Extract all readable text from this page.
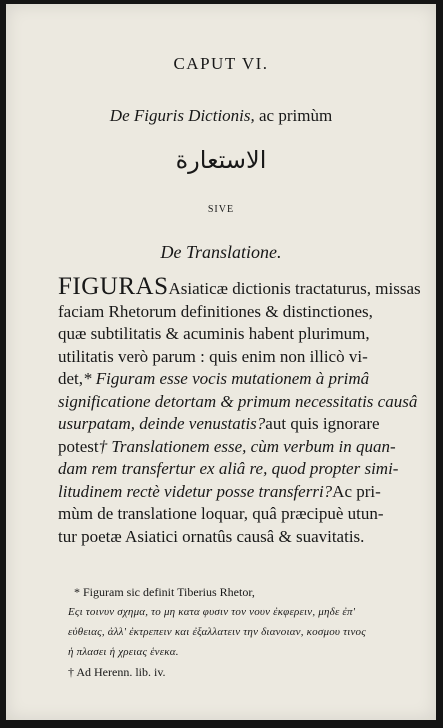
CAPUT VI.
De Figuris Dictionis, ac primùm
الاستعارة
SIVE
De Translatione.
FIGURASAsiaticæ dictionis tractaturus, missas
faciam Rhetorum definitiones & distinctiones,
quæ subtilitatis & acuminis habent plurimum,
utilitatis verò parum : quis enim non illicò vi-
det,* Figuram esse vocis mutationem à primâ
significatione detortam & primum necessitatis causâ
usurpatam, deinde venustatis?aut quis ignorare
potest† Translationem esse, cùm verbum in quan-
dam rem transfertur ex aliâ re, quod propter simi-
litudinem rectè videtur posse transferri?Ac pri-
mùm de translatione loquar, quâ præcipuè utun-
tur poetæ Asiatici ornatûs causâ & suavitatis.
* Figuram sic definit Tiberius Rhetor,
Eςι τοινυν σχημα, το μη κατα φυσιν τον νουν ἐκφερειν, μηδε ἐπ'
εὐθειας, ἀλλ' ἐκτρεπειν και ἐξαλλατειν την διανοιαν, κοσμου τινος
ἡ πλασει ἡ χρειας ἑνεκα.
† Ad Herenn. lib. iv.
